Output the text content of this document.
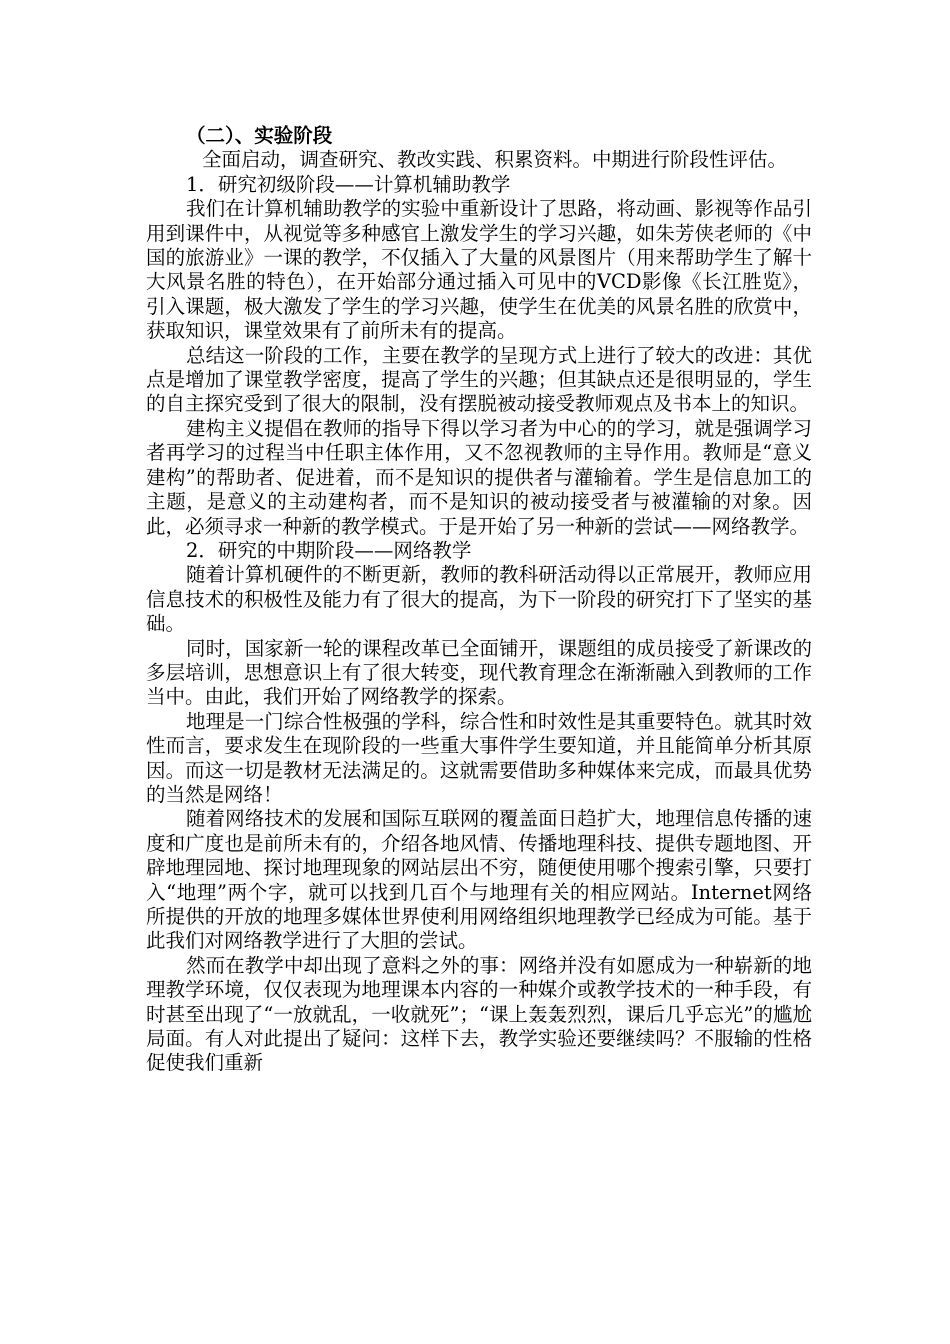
（二）、实验阶段

全面启动，调查研究、教改实践、积累资料。中期进行阶段性评估。

1．研究初级阶段——计算机辅助教学

我们在计算机辅助教学的实验中重新设计了思路，将动画、影视等作品引用到课件中，从视觉等多种感官上激发学生的学习兴趣，如朱芳侠老师的《中国的旅游业》一课的教学，不仅插入了大量的风景图片（用来帮助学生了解十大风景名胜的特色），在开始部分通过插入可见中的VCD影像《长江胜览》，引入课题，极大激发了学生的学习兴趣，使学生在优美的风景名胜的欣赏中，获取知识，课堂效果有了前所未有的提高。

总结这一阶段的工作，主要在教学的呈现方式上进行了较大的改进：其优点是增加了课堂教学密度，提高了学生的兴趣；但其缺点还是很明显的，学生的自主探究受到了很大的限制，没有摆脱被动接受教师观点及书本上的知识。

建构主义提倡在教师的指导下得以学习者为中心的的学习，就是强调学习者再学习的过程当中任职主体作用，又不忽视教师的主导作用。教师是“意义建构”的帮助者、促进着，而不是知识的提供者与灌输着。学生是信息加工的主题，是意义的主动建构者，而不是知识的被动接受者与被灌输的对象。因此，必须寻求一种新的教学模式。于是开始了另一种新的尝试——网络教学。

2．研究的中期阶段——网络教学

随着计算机硬件的不断更新，教师的教科研活动得以正常展开，教师应用信息技术的积极性及能力有了很大的提高，为下一阶段的研究打下了坚实的基础。

同时，国家新一轮的课程改革已全面铺开，课题组的成员接受了新课改的多层培训，思想意识上有了很大转变，现代教育理念在渐渐融入到教师的工作当中。由此，我们开始了网络教学的探索。

地理是一门综合性极强的学科，综合性和时效性是其重要特色。就其时效性而言，要求发生在现阶段的一些重大事件学生要知道，并且能简单分析其原因。而这一切是教材无法满足的。这就需要借助多种媒体来完成，而最具优势的当然是网络！

随着网络技术的发展和国际互联网的覆盖面日趋扩大，地理信息传播的速度和广度也是前所未有的，介绍各地风情、传播地理科技、提供专题地图、开辟地理园地、探讨地理现象的网站层出不穷，随便使用哪个搜索引擎，只要打入“地理”两个字，就可以找到几百个与地理有关的相应网站。Internet网络所提供的开放的地理多媒体世界使利用网络组织地理教学已经成为可能。基于此我们对网络教学进行了大胆的尝试。

然而在教学中却出现了意料之外的事：网络并没有如愿成为一种崭新的地理教学环境，仅仅表现为地理课本内容的一种媒介或教学技术的一种手段，有时甚至出现了“一放就乱，一收就死”；“课上轰轰烈烈，课后几乎忘光”的尴尬局面。有人对此提出了疑问：这样下去，教学实验还要继续吗？不服输的性格促使我们重新
